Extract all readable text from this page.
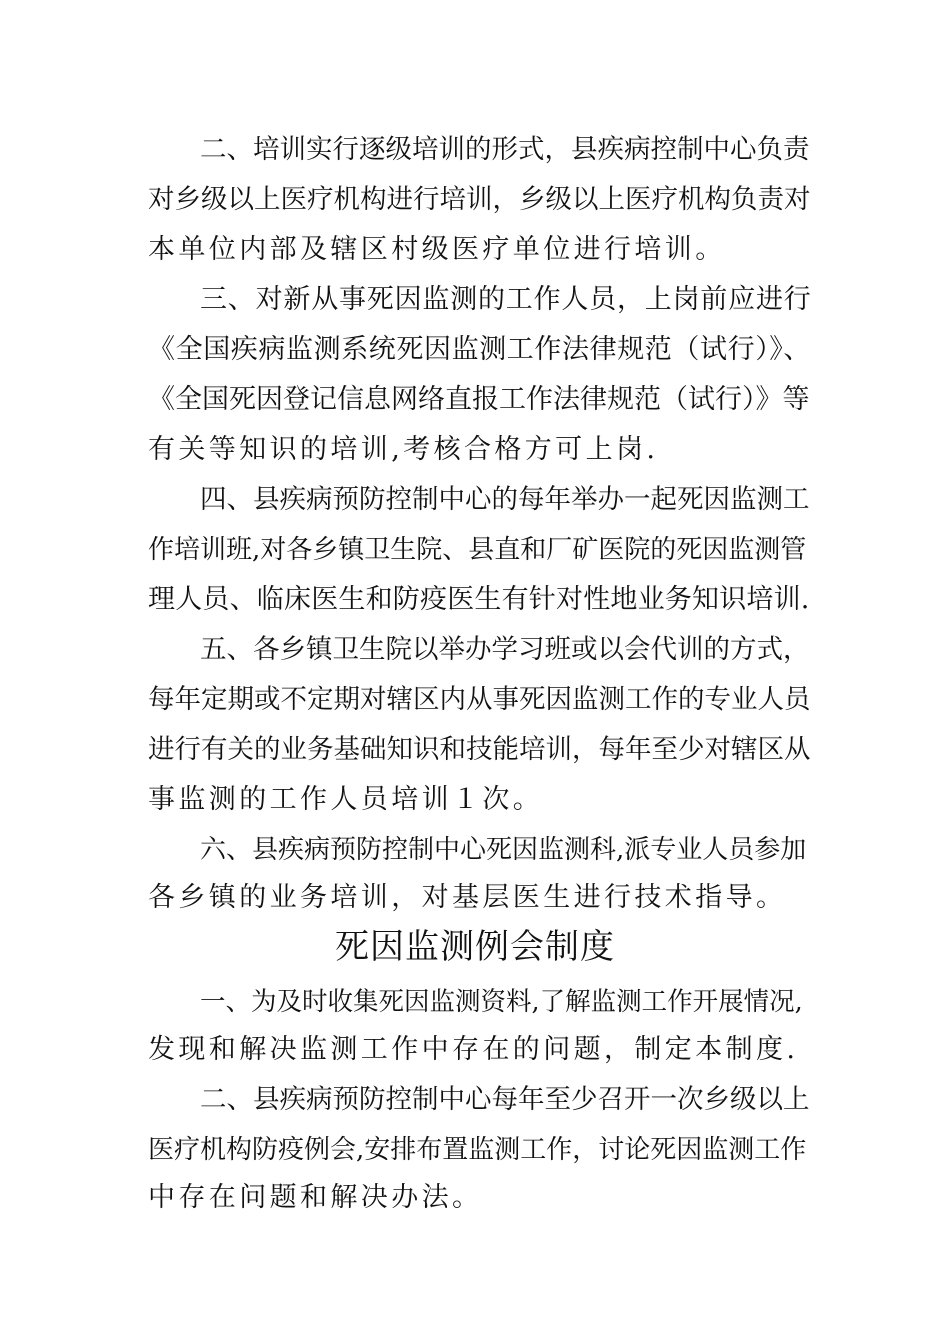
二、培训实行逐级培训的形式，县疾病控制中心负责
对乡级以上医疗机构进行培训，乡级以上医疗机构负责对
本单位内部及辖区村级医疗单位进行培训。
三、对新从事死因监测的工作人员，上岗前应进行
《全国疾病监测系统死因监测工作法律规范（试行）》、
《全国死因登记信息网络直报工作法律规范（试行）》等
有关等知识的培训,考核合格方可上岗.
四、县疾病预防控制中心的每年举办一起死因监测工
作培训班,对各乡镇卫生院、县直和厂矿医院的死因监测管
理人员、临床医生和防疫医生有针对性地业务知识培训.
五、各乡镇卫生院以举办学习班或以会代训的方式，
每年定期或不定期对辖区内从事死因监测工作的专业人员
进行有关的业务基础知识和技能培训，每年至少对辖区从
事监测的工作人员培训１次。
六、县疾病预防控制中心死因监测科,派专业人员参加
各乡镇的业务培训，对基层医生进行技术指导。
死因监测例会制度
一、为及时收集死因监测资料,了解监测工作开展情况,
发现和解决监测工作中存在的问题，制定本制度.
二、县疾病预防控制中心每年至少召开一次乡级以上
医疗机构防疫例会,安排布置监测工作，讨论死因监测工作
中存在问题和解决办法。
